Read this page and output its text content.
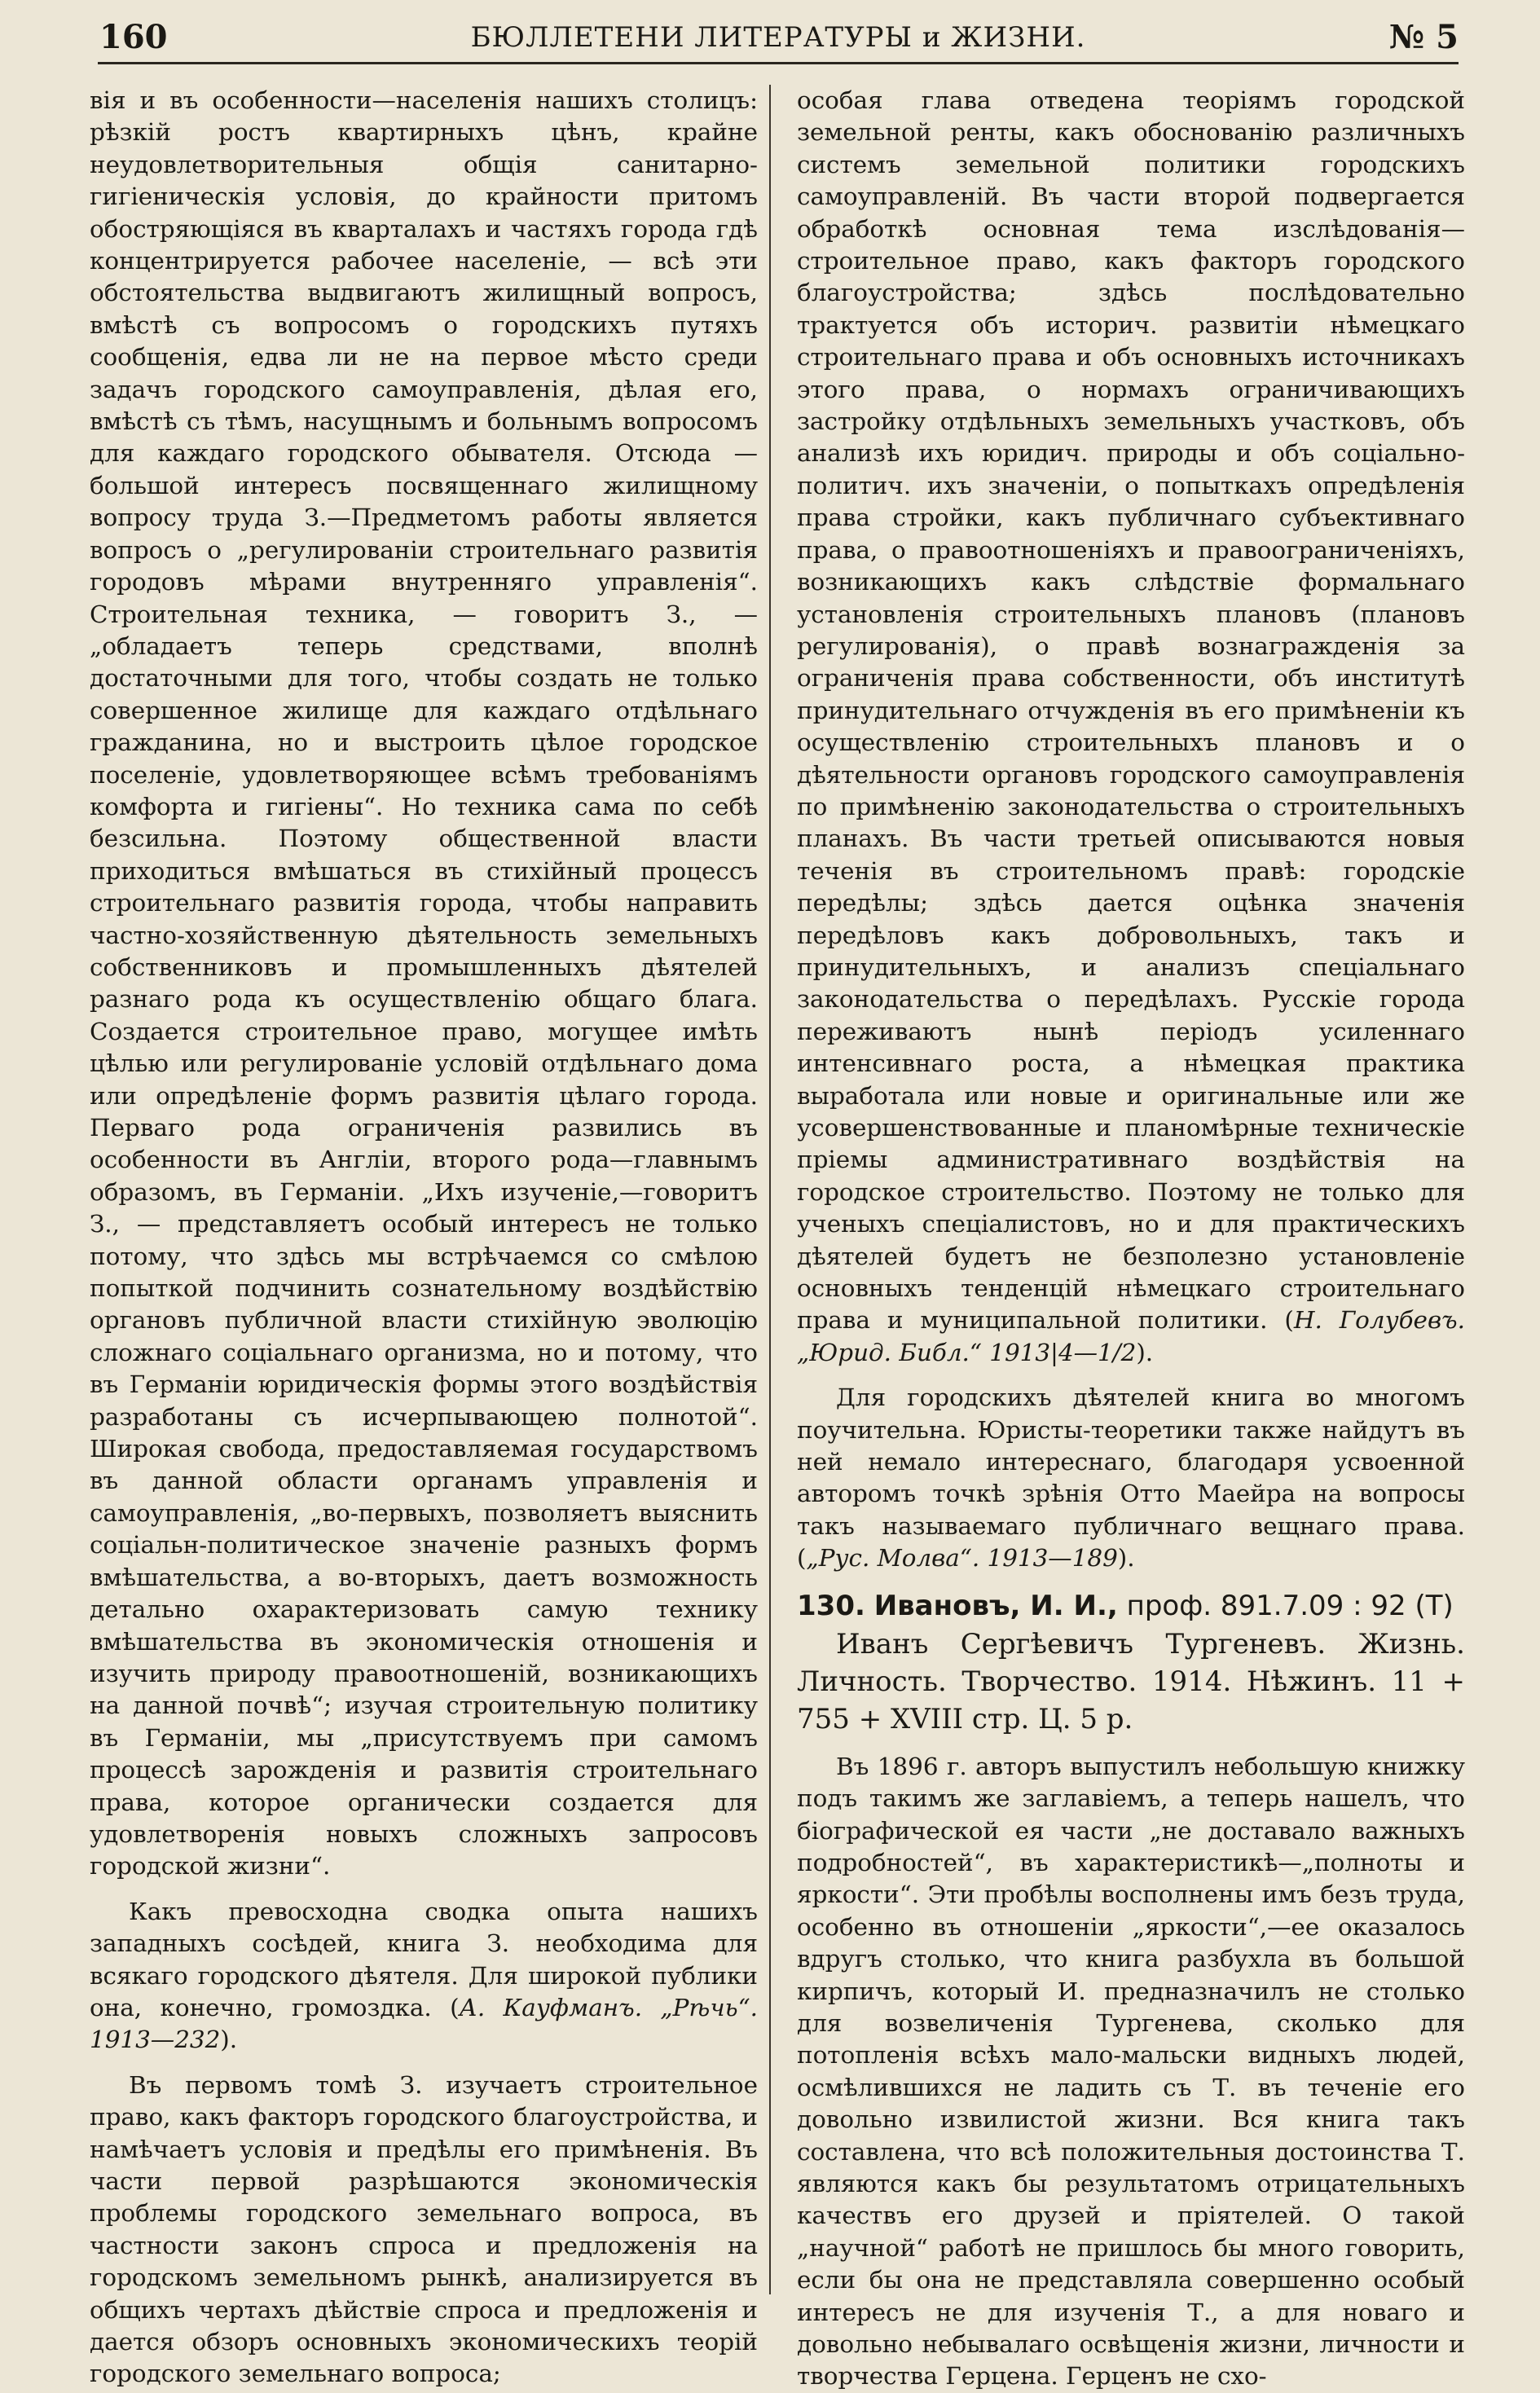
160	БЮЛЛЕТЕНИ ЛИТЕРАТУРЫ и ЖИЗНИ.	№ 5

вія и въ особенности—населенія нашихъ столицъ: рѣзкій ростъ квартирныхъ цѣнъ, крайне неудовлетворительныя общія санитарно-гигіеническія условія, до крайности притомъ обостряющіяся въ кварталахъ и частяхъ города гдѣ концентрируется рабочее населеніе, — всѣ эти обстоятельства выдвигаютъ жилищный вопросъ, вмѣстѣ съ вопросомъ о городскихъ путяхъ сообщенія, едва ли не на первое мѣсто среди задачъ городского самоуправленія, дѣлая его, вмѣстѣ съ тѣмъ, насущнымъ и больнымъ вопросомъ для каждаго городского обывателя. Отсюда — большой интересъ посвященнаго жилищному вопросу труда З.—Предметомъ работы является вопросъ о „регулированіи строительнаго развитія городовъ мѣрами внутренняго управленія“. Строительная техника, — говоритъ З., — „обладаетъ теперь средствами, вполнѣ достаточными для того, чтобы создать не только совершенное жилище для каждаго отдѣльнаго гражданина, но и выстроить цѣлое городское поселеніе, удовлетворяющее всѣмъ требованіямъ комфорта и гигіены“. Но техника сама по себѣ безсильна. Поэтому общественной власти приходиться вмѣшаться въ стихійный процессъ строительнаго развитія города, чтобы направить частно-хозяйственную дѣятельность земельныхъ собственниковъ и промышленныхъ дѣятелей разнаго рода къ осуществленію общаго блага. Создается строительное право, могущее имѣть цѣлью или регулированіе условій отдѣльнаго дома или опредѣленіе формъ развитія цѣлаго города. Перваго рода ограниченія развились въ особенности въ Англіи, второго рода—главнымъ образомъ, въ Германіи. „Ихъ изученіе,—говоритъ З., — представляетъ особый интересъ не только потому, что здѣсь мы встрѣчаемся со смѣлою попыткой подчинить сознательному воздѣйствію органовъ публичной власти стихійную эволюцію сложнаго соціальнаго организма, но и потому, что въ Германіи юридическія формы этого воздѣйствія разработаны съ исчерпывающею полнотой“. Широкая свобода, предоставляемая государствомъ въ данной области органамъ управленія и самоуправленія, „во-первыхъ, позволяетъ выяснить соціальн-политическое значеніе разныхъ формъ вмѣшательства, а во-вторыхъ, даетъ возможность детально охарактеризовать самую технику вмѣшательства въ экономическія отношенія и изучить природу правоотношеній, возникающихъ на данной почвѣ“; изучая строительную политику въ Германіи, мы „присутствуемъ при самомъ процессѣ зарожденія и развитія строительнаго права, которое органически создается для удовлетворенія новыхъ сложныхъ запросовъ городской жизни“.

Какъ превосходна сводка опыта нашихъ западныхъ сосѣдей, книга З. необходима для всякаго городского дѣятеля. Для широкой публики она, конечно, громоздка. (А. Кауфманъ. „Рѣчь“. 1913—232).

Въ первомъ томѣ З. изучаетъ строительное право, какъ факторъ городского благоустройства, и намѣчаетъ условія и предѣлы его примѣненія. Въ части первой разрѣшаются экономическія проблемы городского земельнаго вопроса, въ частности законъ спроса и предложенія на городскомъ земельномъ рынкѣ, анализируется въ общихъ чертахъ дѣйствіе спроса и предложенія и дается обзоръ основныхъ экономическихъ теорій городского земельнаго вопроса;

особая глава отведена теоріямъ городской земельной ренты, какъ обоснованію различныхъ системъ земельной политики городскихъ самоуправленій. Въ части второй подвергается обработкѣ основная тема изслѣдованія—строительное право, какъ факторъ городского благоустройства; здѣсь послѣдовательно трактуется объ историч. развитіи нѣмецкаго строительнаго права и объ основныхъ источникахъ этого права, о нормахъ ограничивающихъ застройку отдѣльныхъ земельныхъ участковъ, объ анализѣ ихъ юридич. природы и объ соціально-политич. ихъ значеніи, о попыткахъ опредѣленія права стройки, какъ публичнаго субъективнаго права, о правоотношеніяхъ и правоограниченіяхъ, возникающихъ какъ слѣдствіе формальнаго установленія строительныхъ плановъ (плановъ регулированія), о правѣ вознагражденія за ограниченія права собственности, объ институтѣ принудительнаго отчужденія въ его примѣненіи къ осуществленію строительныхъ плановъ и о дѣятельности органовъ городского самоуправленія по примѣненію законодательства о строительныхъ планахъ. Въ части третьей описываются новыя теченія въ строительномъ правѣ: городскіе передѣлы; здѣсь дается оцѣнка значенія передѣловъ какъ добровольныхъ, такъ и принудительныхъ, и анализъ спеціальнаго законодательства о передѣлахъ. Русскіе города переживаютъ нынѣ періодъ усиленнаго интенсивнаго роста, а нѣмецкая практика выработала или новые и оригинальные или же усовершенствованные и планомѣрные техническіе пріемы административнаго воздѣйствія на городское строительство. Поэтому не только для ученыхъ спеціалистовъ, но и для практическихъ дѣятелей будетъ не безполезно установленіе основныхъ тенденцій нѣмецкаго строительнаго права и муниципальной политики. (Н. Голубевъ. „Юрид. Библ.“ 1913|4—1/2).

Для городскихъ дѣятелей книга во многомъ поучительна. Юристы-теоретики также найдутъ въ ней немало интереснаго, благодаря усвоенной авторомъ точкѣ зрѣнія Отто Маейра на вопросы такъ называемаго публичнаго вещнаго права. („Рус. Молва“. 1913—189).

130. Ивановъ, И. И., проф. 891.7.09 : 92 (Т)

Иванъ Сергѣевичъ Тургеневъ. Жизнь. Личность. Творчество. 1914. Нѣжинъ. 11 + 755 + XVIII стр. Ц. 5 р.

Въ 1896 г. авторъ выпустилъ небольшую книжку подъ такимъ же заглавіемъ, а теперь нашелъ, что біографической ея части „не доставало важныхъ подробностей“, въ характеристикѣ—„полноты и яркости“. Эти пробѣлы восполнены имъ безъ труда, особенно въ отношеніи „яркости“,—ее оказалось вдругъ столько, что книга разбухла въ большой кирпичъ, который И. предназначилъ не столько для возвеличенія Тургенева, сколько для потопленія всѣхъ мало-мальски видныхъ людей, осмѣлившихся не ладить съ Т. въ теченіе его довольно извилистой жизни. Вся книга такъ составлена, что всѣ положительныя достоинства Т. являются какъ бы результатомъ отрицательныхъ качествъ его друзей и пріятелей. О такой „научной“ работѣ не пришлось бы много говорить, если бы она не представляла совершенно особый интересъ не для изученія Т., а для новаго и довольно небывалаго освѣщенія жизни, личности и творчества Герцена. Герценъ не схо-
